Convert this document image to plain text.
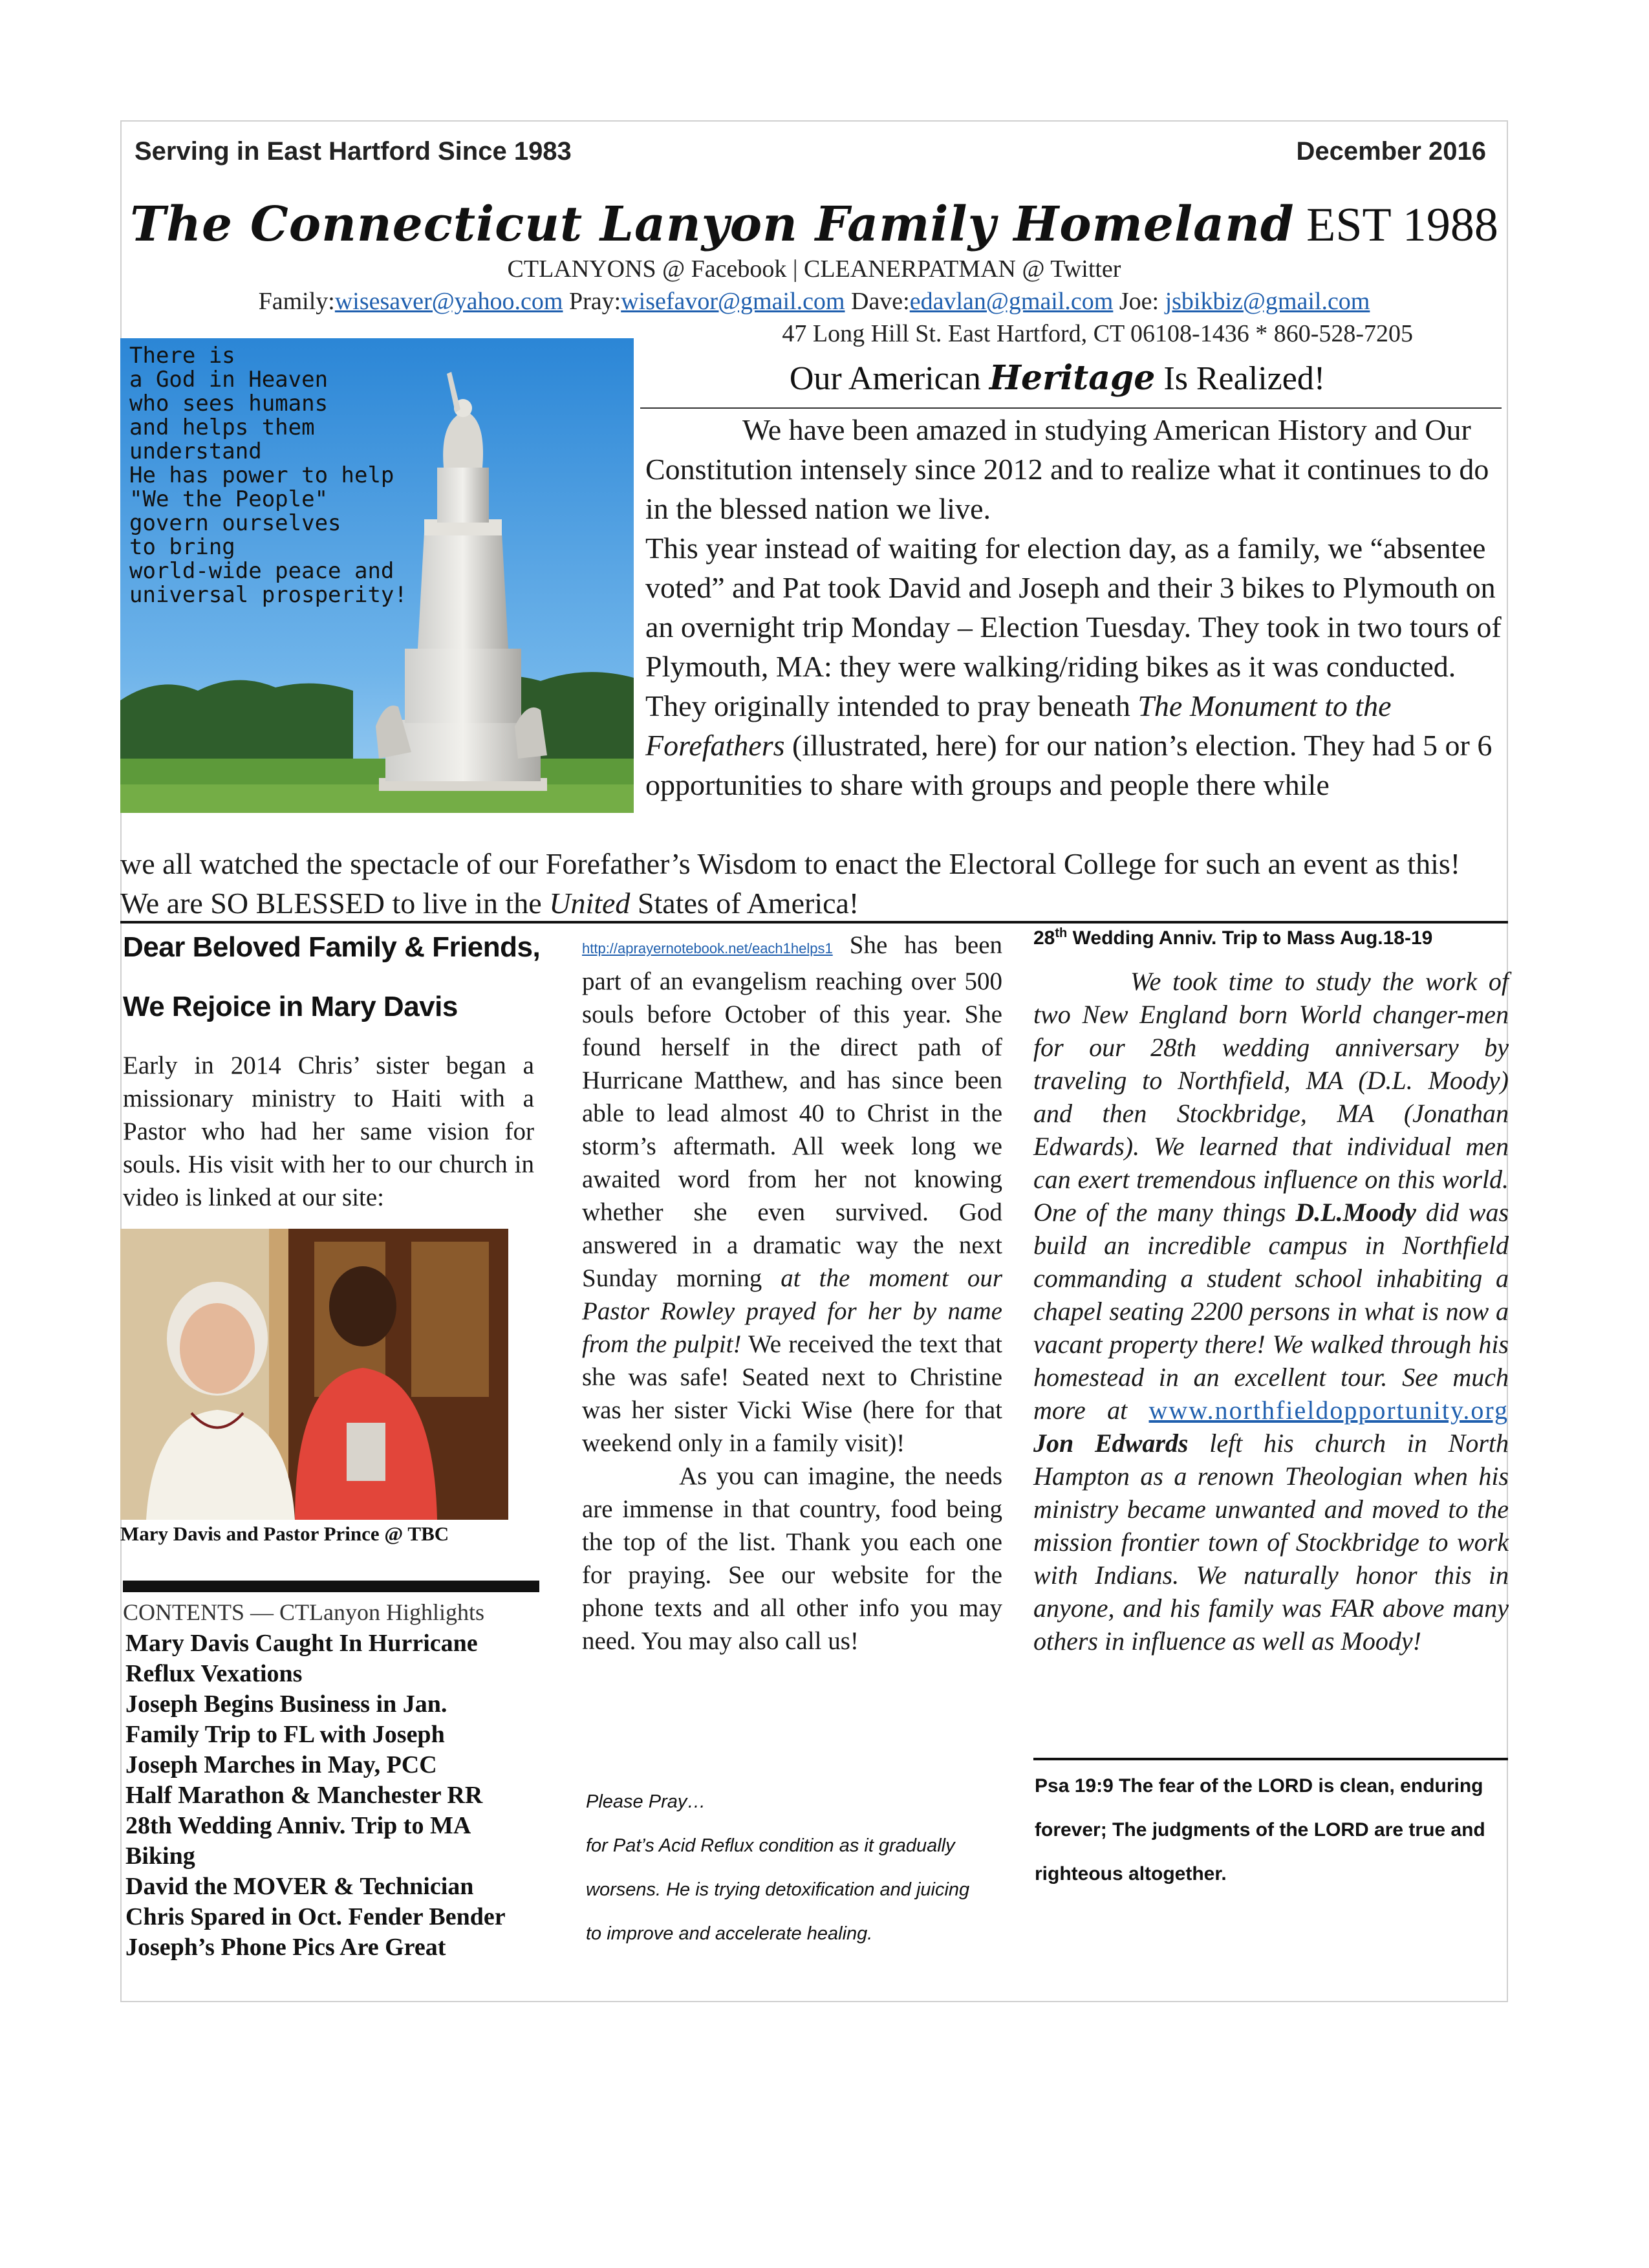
Serving in East Hartford Since 1983	December 2016
The Connecticut Lanyon Family Homeland EST 1988
CTLANYONS @ Facebook | CLEANERPATMAN @ Twitter
Family:wisesaver@yahoo.com Pray:wisefavor@gmail.com Dave:edavlan@gmail.com Joe: jsbikbiz@gmail.com
47 Long Hill St. East Hartford, CT 06108-1436 * 860-528-7205
There is
a God in Heaven
who sees humans
and helps them
understand
He has power to help
"We the People"
govern ourselves
to bring
world-wide peace and
universal prosperity!
Our American Heritage Is Realized!
We have been amazed in studying American History and Our Constitution intensely since 2012 and to realize what it continues to do in the blessed nation we live.
This year instead of waiting for election day, as a family, we “absentee voted” and Pat took David and Joseph and their 3 bikes to Plymouth on an overnight trip Monday – Election Tuesday. They took in two tours of Plymouth, MA: they were walking/riding bikes as it was conducted. They originally intended to pray beneath The Monument to the Forefathers (illustrated, here) for our nation’s election. They had 5 or 6 opportunities to share with groups and people there while
we all watched the spectacle of our Forefather’s Wisdom to enact the Electoral College for such an event as this! We are SO BLESSED to live in the United States of America!
Dear Beloved Family & Friends,
We Rejoice in Mary Davis
Early in 2014 Chris’ sister began a missionary ministry to Haiti with a Pastor who had her same vision for souls. His visit with her to our church in video is linked at our site:
Mary Davis and Pastor Prince @ TBC
CONTENTS — CTLanyon Highlights
Mary Davis Caught In Hurricane
Reflux Vexations
Joseph Begins Business in Jan.
Family Trip to FL with Joseph
Joseph Marches in May, PCC
Half Marathon & Manchester RR
28th Wedding Anniv. Trip to MA
Biking
David the MOVER & Technician
Chris Spared in Oct. Fender Bender
Joseph’s Phone Pics Are Great
http://aprayernotebook.net/each1helps1 She has been part of an evangelism reaching over 500 souls before October of this year. She found herself in the direct path of Hurricane Matthew, and has since been able to lead almost 40 to Christ in the storm’s aftermath. All week long we awaited word from her not knowing whether she even survived. God answered in a dramatic way the next Sunday morning at the moment our Pastor Rowley prayed for her by name from the pulpit! We received the text that she was safe! Seated next to Christine was her sister Vicki Wise (here for that weekend only in a family visit)!
As you can imagine, the needs are immense in that country, food being the top of the list. Thank you each one for praying. See our website for the phone texts and all other info you may need. You may also call us!
Please Pray…
for Pat’s Acid Reflux condition as it gradually
worsens. He is trying detoxification and juicing
to improve and accelerate healing.
28th Wedding Anniv. Trip to Mass Aug.18-19
We took time to study the work of two New England born World changer-men for our 28th wedding anniversary by traveling to Northfield, MA (D.L. Moody) and then Stockbridge, MA (Jonathan Edwards). We learned that individual men can exert tremendous influence on this world. One of the many things D.L.Moody did was build an incredible campus in Northfield commanding a student school inhabiting a chapel seating 2200 persons in what is now a vacant property there! We walked through his homestead in an excellent tour. See much more at www.northfieldopportunity.org Jon Edwards left his church in North Hampton as a renown Theologian when his ministry became unwanted and moved to the mission frontier town of Stockbridge to work with Indians. We naturally honor this in anyone, and his family was FAR above many others in influence as well as Moody!
Psa 19:9 The fear of the LORD is clean, enduring forever; The judgments of the LORD are true and righteous altogether.
